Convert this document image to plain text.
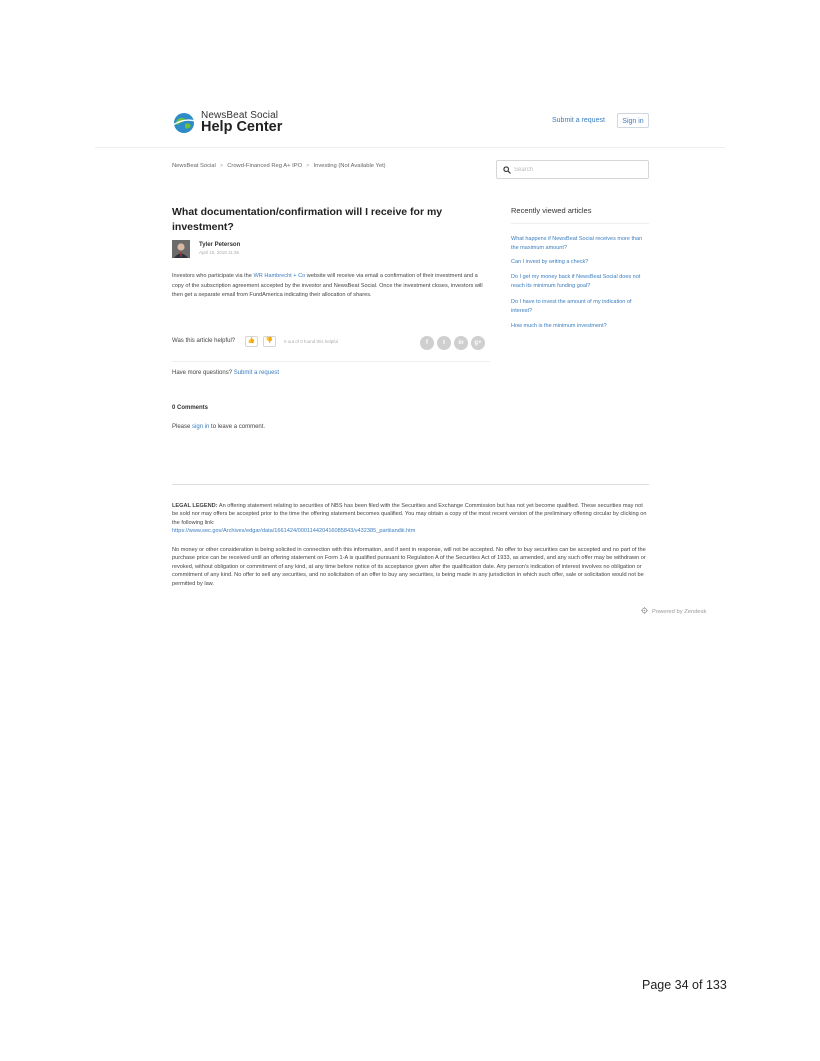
NewsBeat Social
Help Center	Submit a request	Sign in
NewsBeat Social > Crowd-Financed Reg A+ IPO > Investing (Not Available Yet)
Search
What documentation/confirmation will I receive for my investment?
Tyler Peterson
April 10, 2018 11:36
Investors who participate via the WR Hambrecht + Co website will receive via email a confirmation of their investment and a copy of the subscription agreement accepted by the investor and NewsBeat Social. Once the investment closes, investors will then get a separate email from FundAmerica indicating their allocation of shares.
Was this article helpful?	👍	👎	0 out of 0 found this helpful	f	t	in	g+
Have more questions? Submit a request
0 Comments
Please sign in to leave a comment.
Recently viewed articles
What happens if NewsBeat Social receives more than the maximum amount?
Can I invest by writing a check?
Do I get my money back if NewsBeat Social does not reach its minimum funding goal?
Do I have to invest the amount of my indication of interest?
How much is the minimum investment?
LEGAL LEGEND: An offering statement relating to securities of NBS has been filed with the Securities and Exchange Commission but has not yet become qualified. These securities may not be sold nor may offers be accepted prior to the time the offering statement becomes qualified. You may obtain a copy of the most recent version of the preliminary offering circular by clicking on the following link:
https://www.sec.gov/Archives/edgar/data/1661424/000114420416085843/v432385_partiiandiii.htm
No money or other consideration is being solicited in connection with this information, and if sent in response, will not be accepted. No offer to buy securities can be accepted and no part of the purchase price can be received until an offering statement on Form 1-A is qualified pursuant to Regulation A of the Securities Act of 1933, as amended, and any such offer may be withdrawn or revoked, without obligation or commitment of any kind, at any time before notice of its acceptance given after the qualification date. Any person's indication of interest involves no obligation or commitment of any kind. No offer to sell any securities, and no solicitation of an offer to buy any securities, is being made in any jurisdiction in which such offer, sale or solicitation would not be permitted by law.
Powered by Zendesk
Page 34 of 133
